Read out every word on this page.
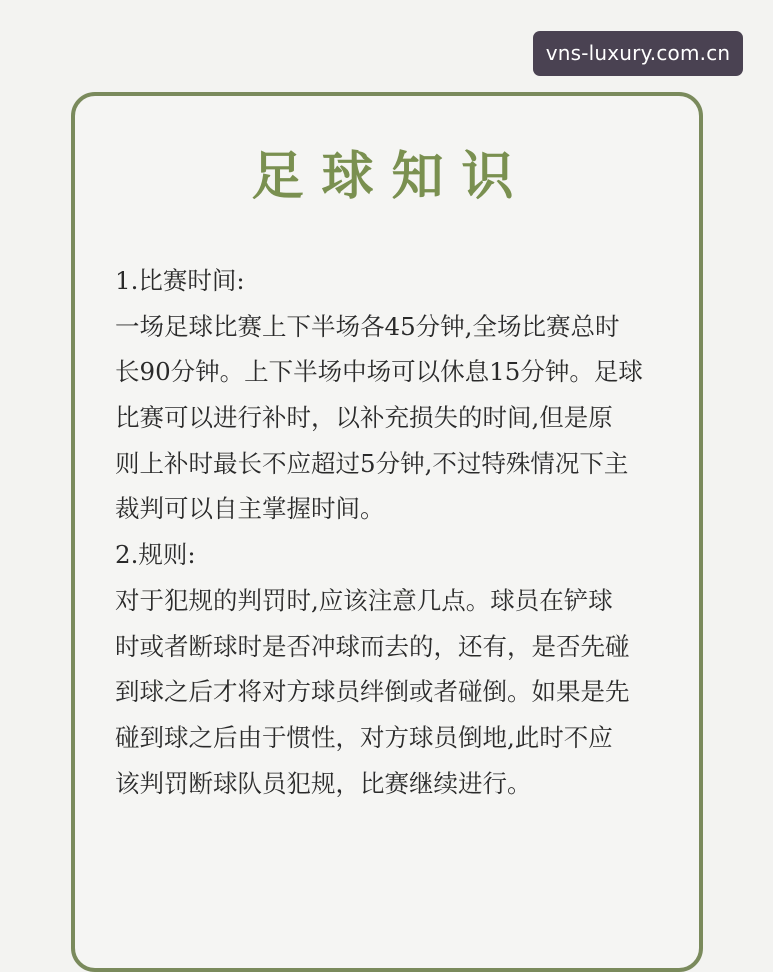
vns-luxury.com.cn
足球知识
1.比赛时间:
一场足球比赛上下半场各45分钟,全场比赛总时
长90分钟。上下半场中场可以休息15分钟。足球
比赛可以进行补时，以补充损失的时间,但是原
则上补时最长不应超过5分钟,不过特殊情况下主
裁判可以自主掌握时间。
2.规则:
对于犯规的判罚时,应该注意几点。球员在铲球
时或者断球时是否冲球而去的，还有，是否先碰
到球之后才将对方球员绊倒或者碰倒。如果是先
碰到球之后由于惯性，对方球员倒地,此时不应
该判罚断球队员犯规，比赛继续进行。
